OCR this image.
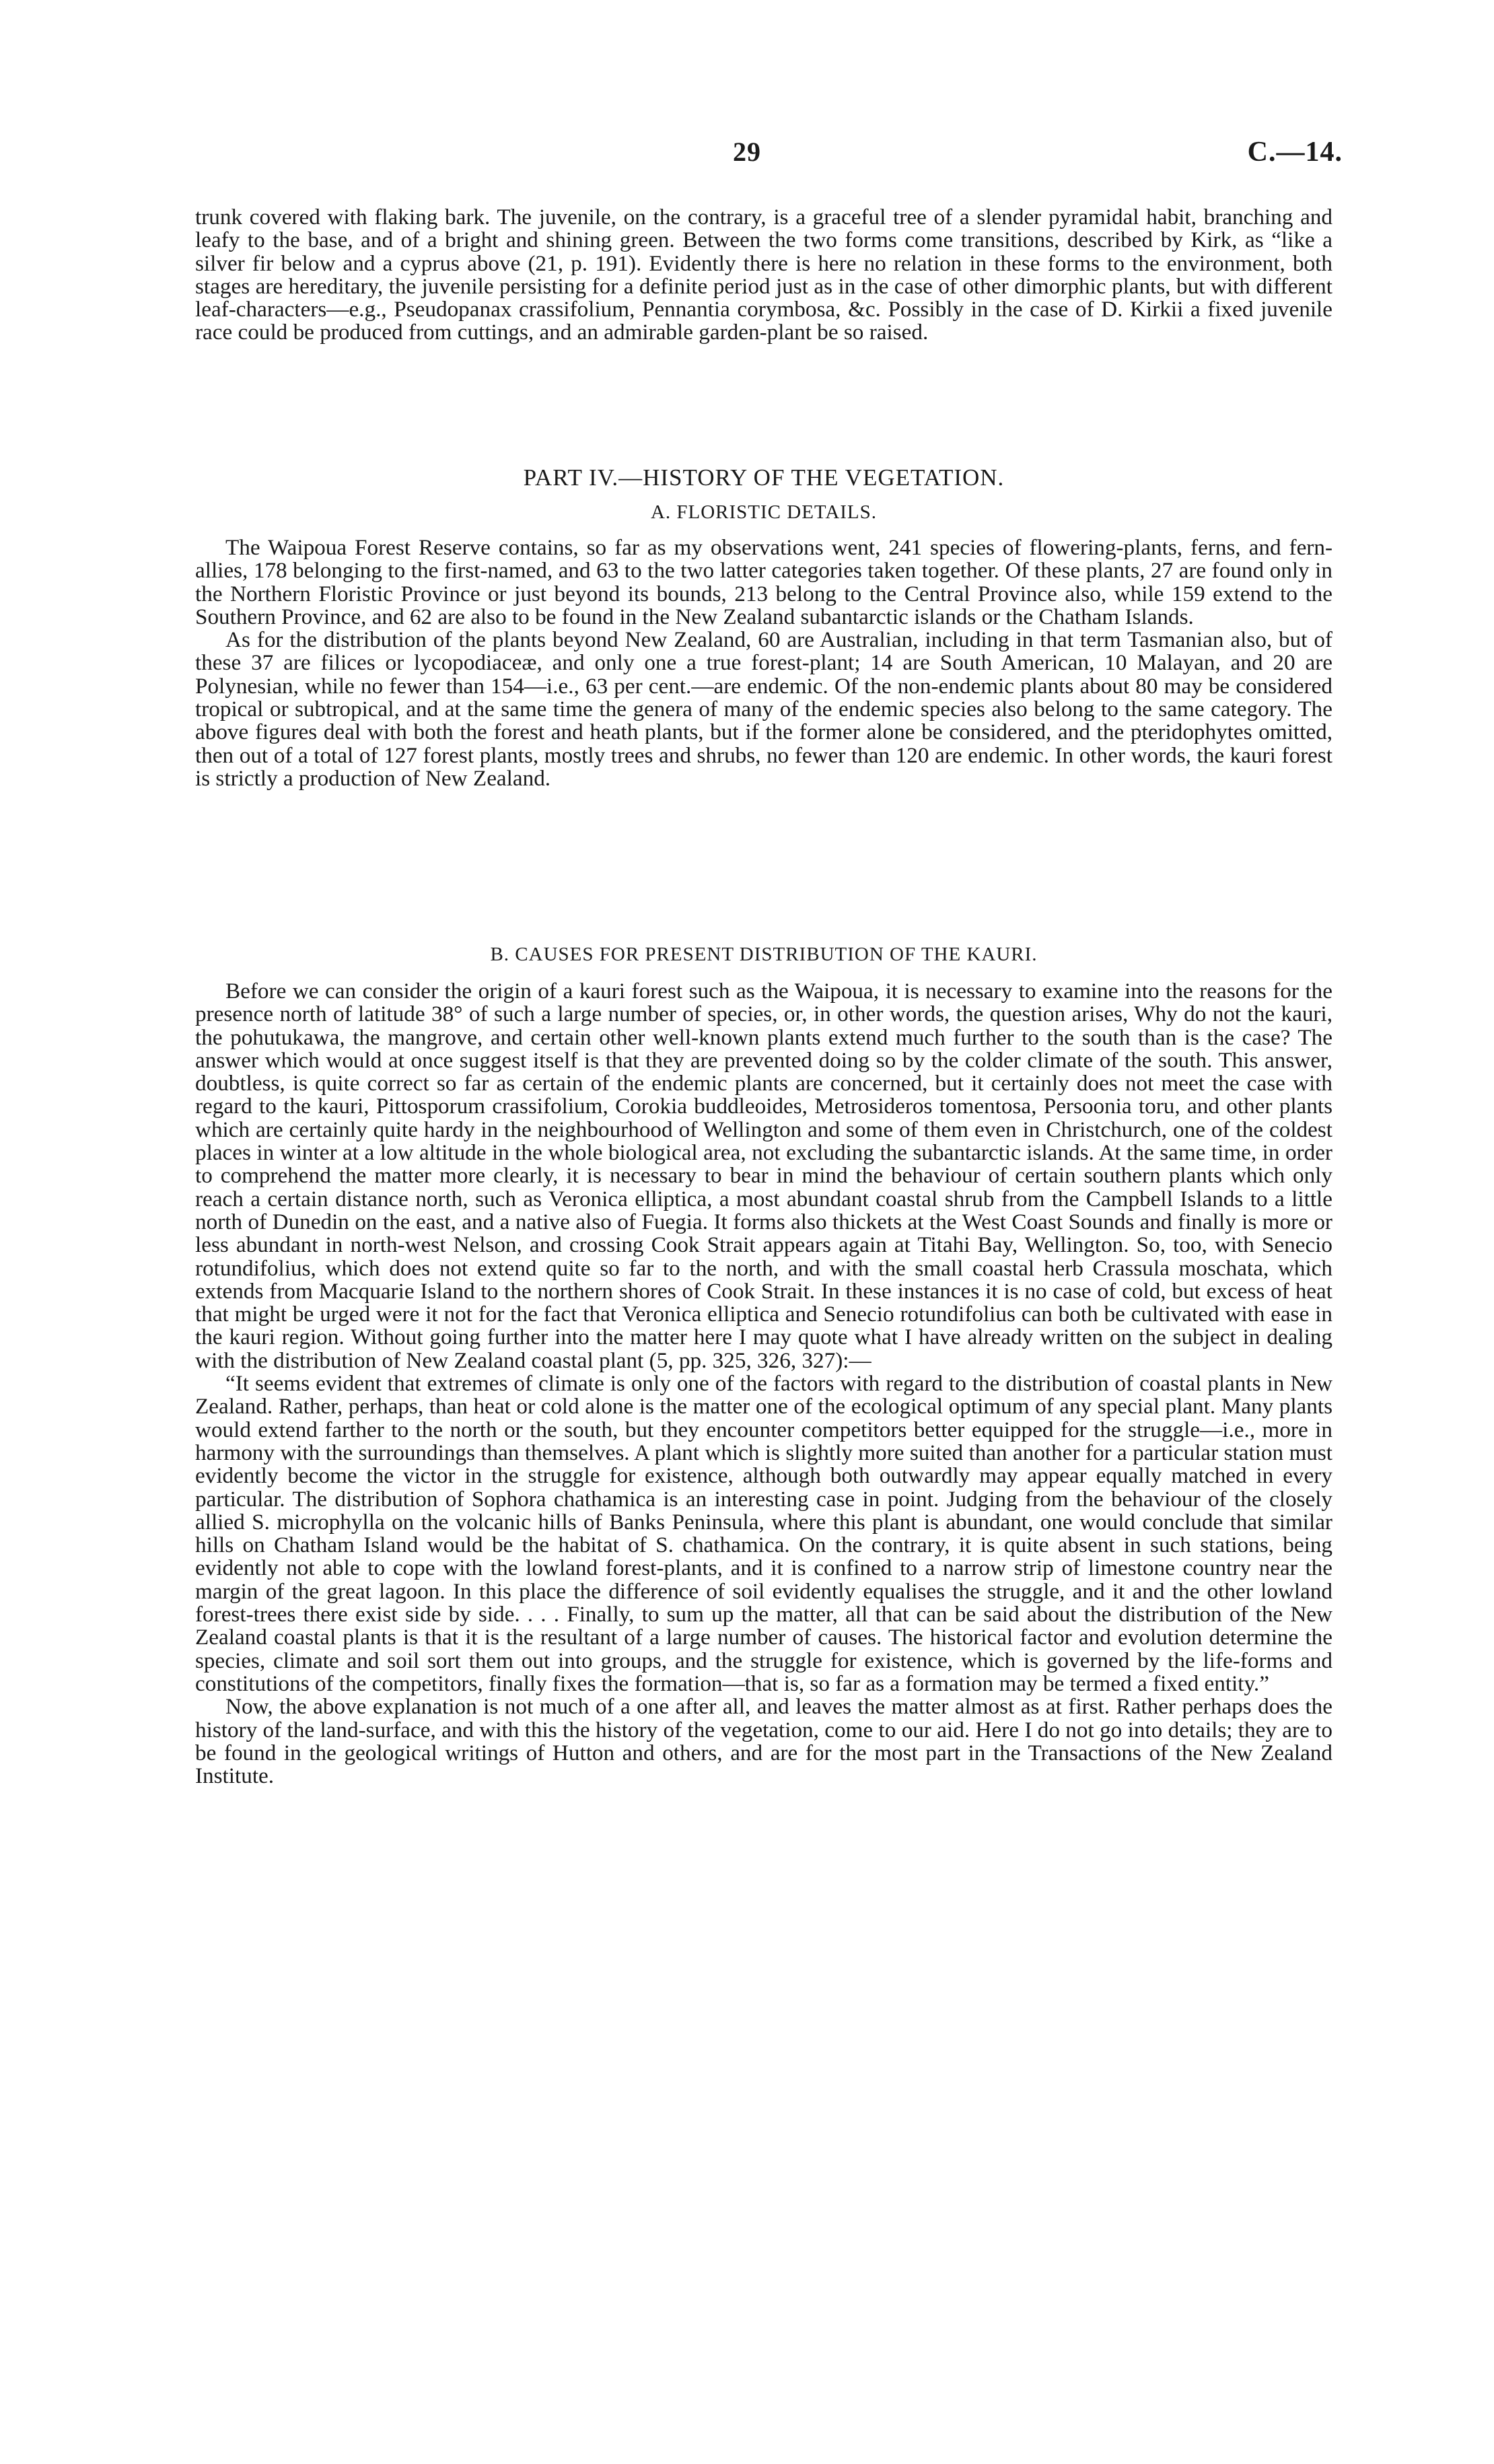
29	C.—14.

trunk covered with flaking bark. The juvenile, on the contrary, is a graceful tree of a slender pyramidal habit, branching and leafy to the base, and of a bright and shining green. Between the two forms come transitions, described by Kirk, as “like a silver fir below and a cyprus above (21, p. 191). Evidently there is here no relation in these forms to the environment, both stages are hereditary, the juvenile persisting for a definite period just as in the case of other dimorphic plants, but with different leaf-characters—e.g., Pseudopanax crassifolium, Pennantia corymbosa, &c. Possibly in the case of D. Kirkii a fixed juvenile race could be produced from cuttings, and an admirable garden-plant be so raised.

PART IV.—HISTORY OF THE VEGETATION.
A. FLORISTIC DETAILS.

The Waipoua Forest Reserve contains, so far as my observations went, 241 species of flowering-plants, ferns, and fern-allies, 178 belonging to the first-named, and 63 to the two latter categories taken together. Of these plants, 27 are found only in the Northern Floristic Province or just beyond its bounds, 213 belong to the Central Province also, while 159 extend to the Southern Province, and 62 are also to be found in the New Zealand subantarctic islands or the Chatham Islands.

As for the distribution of the plants beyond New Zealand, 60 are Australian, including in that term Tasmanian also, but of these 37 are filices or lycopodiaceæ, and only one a true forest-plant; 14 are South American, 10 Malayan, and 20 are Polynesian, while no fewer than 154—i.e., 63 per cent.—are endemic. Of the non-endemic plants about 80 may be considered tropical or subtropical, and at the same time the genera of many of the endemic species also belong to the same category. The above figures deal with both the forest and heath plants, but if the former alone be considered, and the pteridophytes omitted, then out of a total of 127 forest plants, mostly trees and shrubs, no fewer than 120 are endemic. In other words, the kauri forest is strictly a production of New Zealand.

B. CAUSES FOR PRESENT DISTRIBUTION OF THE KAURI.

Before we can consider the origin of a kauri forest such as the Waipoua, it is necessary to examine into the reasons for the presence north of latitude 38° of such a large number of species, or, in other words, the question arises, Why do not the kauri, the pohutukawa, the mangrove, and certain other well-known plants extend much further to the south than is the case? The answer which would at once suggest itself is that they are prevented doing so by the colder climate of the south. This answer, doubtless, is quite correct so far as certain of the endemic plants are concerned, but it certainly does not meet the case with regard to the kauri, Pittosporum crassifolium, Corokia buddleoides, Metrosideros tomentosa, Persoonia toru, and other plants which are certainly quite hardy in the neighbourhood of Wellington and some of them even in Christchurch, one of the coldest places in winter at a low altitude in the whole biological area, not excluding the subantarctic islands. At the same time, in order to comprehend the matter more clearly, it is necessary to bear in mind the behaviour of certain southern plants which only reach a certain distance north, such as Veronica elliptica, a most abundant coastal shrub from the Campbell Islands to a little north of Dunedin on the east, and a native also of Fuegia. It forms also thickets at the West Coast Sounds and finally is more or less abundant in north-west Nelson, and crossing Cook Strait appears again at Titahi Bay, Wellington. So, too, with Senecio rotundifolius, which does not extend quite so far to the north, and with the small coastal herb Crassula moschata, which extends from Macquarie Island to the northern shores of Cook Strait. In these instances it is no case of cold, but excess of heat that might be urged were it not for the fact that Veronica elliptica and Senecio rotundifolius can both be cultivated with ease in the kauri region. Without going further into the matter here I may quote what I have already written on the subject in dealing with the distribution of New Zealand coastal plant (5, pp. 325, 326, 327):—

“It seems evident that extremes of climate is only one of the factors with regard to the distribution of coastal plants in New Zealand. Rather, perhaps, than heat or cold alone is the matter one of the ecological optimum of any special plant. Many plants would extend farther to the north or the south, but they encounter competitors better equipped for the struggle—i.e., more in harmony with the surroundings than themselves. A plant which is slightly more suited than another for a particular station must evidently become the victor in the struggle for existence, although both outwardly may appear equally matched in every particular. The distribution of Sophora chathamica is an interesting case in point. Judging from the behaviour of the closely allied S. microphylla on the volcanic hills of Banks Peninsula, where this plant is abundant, one would conclude that similar hills on Chatham Island would be the habitat of S. chathamica. On the contrary, it is quite absent in such stations, being evidently not able to cope with the lowland forest-plants, and it is confined to a narrow strip of limestone country near the margin of the great lagoon. In this place the difference of soil evidently equalises the struggle, and it and the other lowland forest-trees there exist side by side. . . . Finally, to sum up the matter, all that can be said about the distribution of the New Zealand coastal plants is that it is the resultant of a large number of causes. The historical factor and evolution determine the species, climate and soil sort them out into groups, and the struggle for existence, which is governed by the life-forms and constitutions of the competitors, finally fixes the formation—that is, so far as a formation may be termed a fixed entity.”

Now, the above explanation is not much of a one after all, and leaves the matter almost as at first. Rather perhaps does the history of the land-surface, and with this the history of the vegetation, come to our aid. Here I do not go into details; they are to be found in the geological writings of Hutton and others, and are for the most part in the Transactions of the New Zealand Institute.
